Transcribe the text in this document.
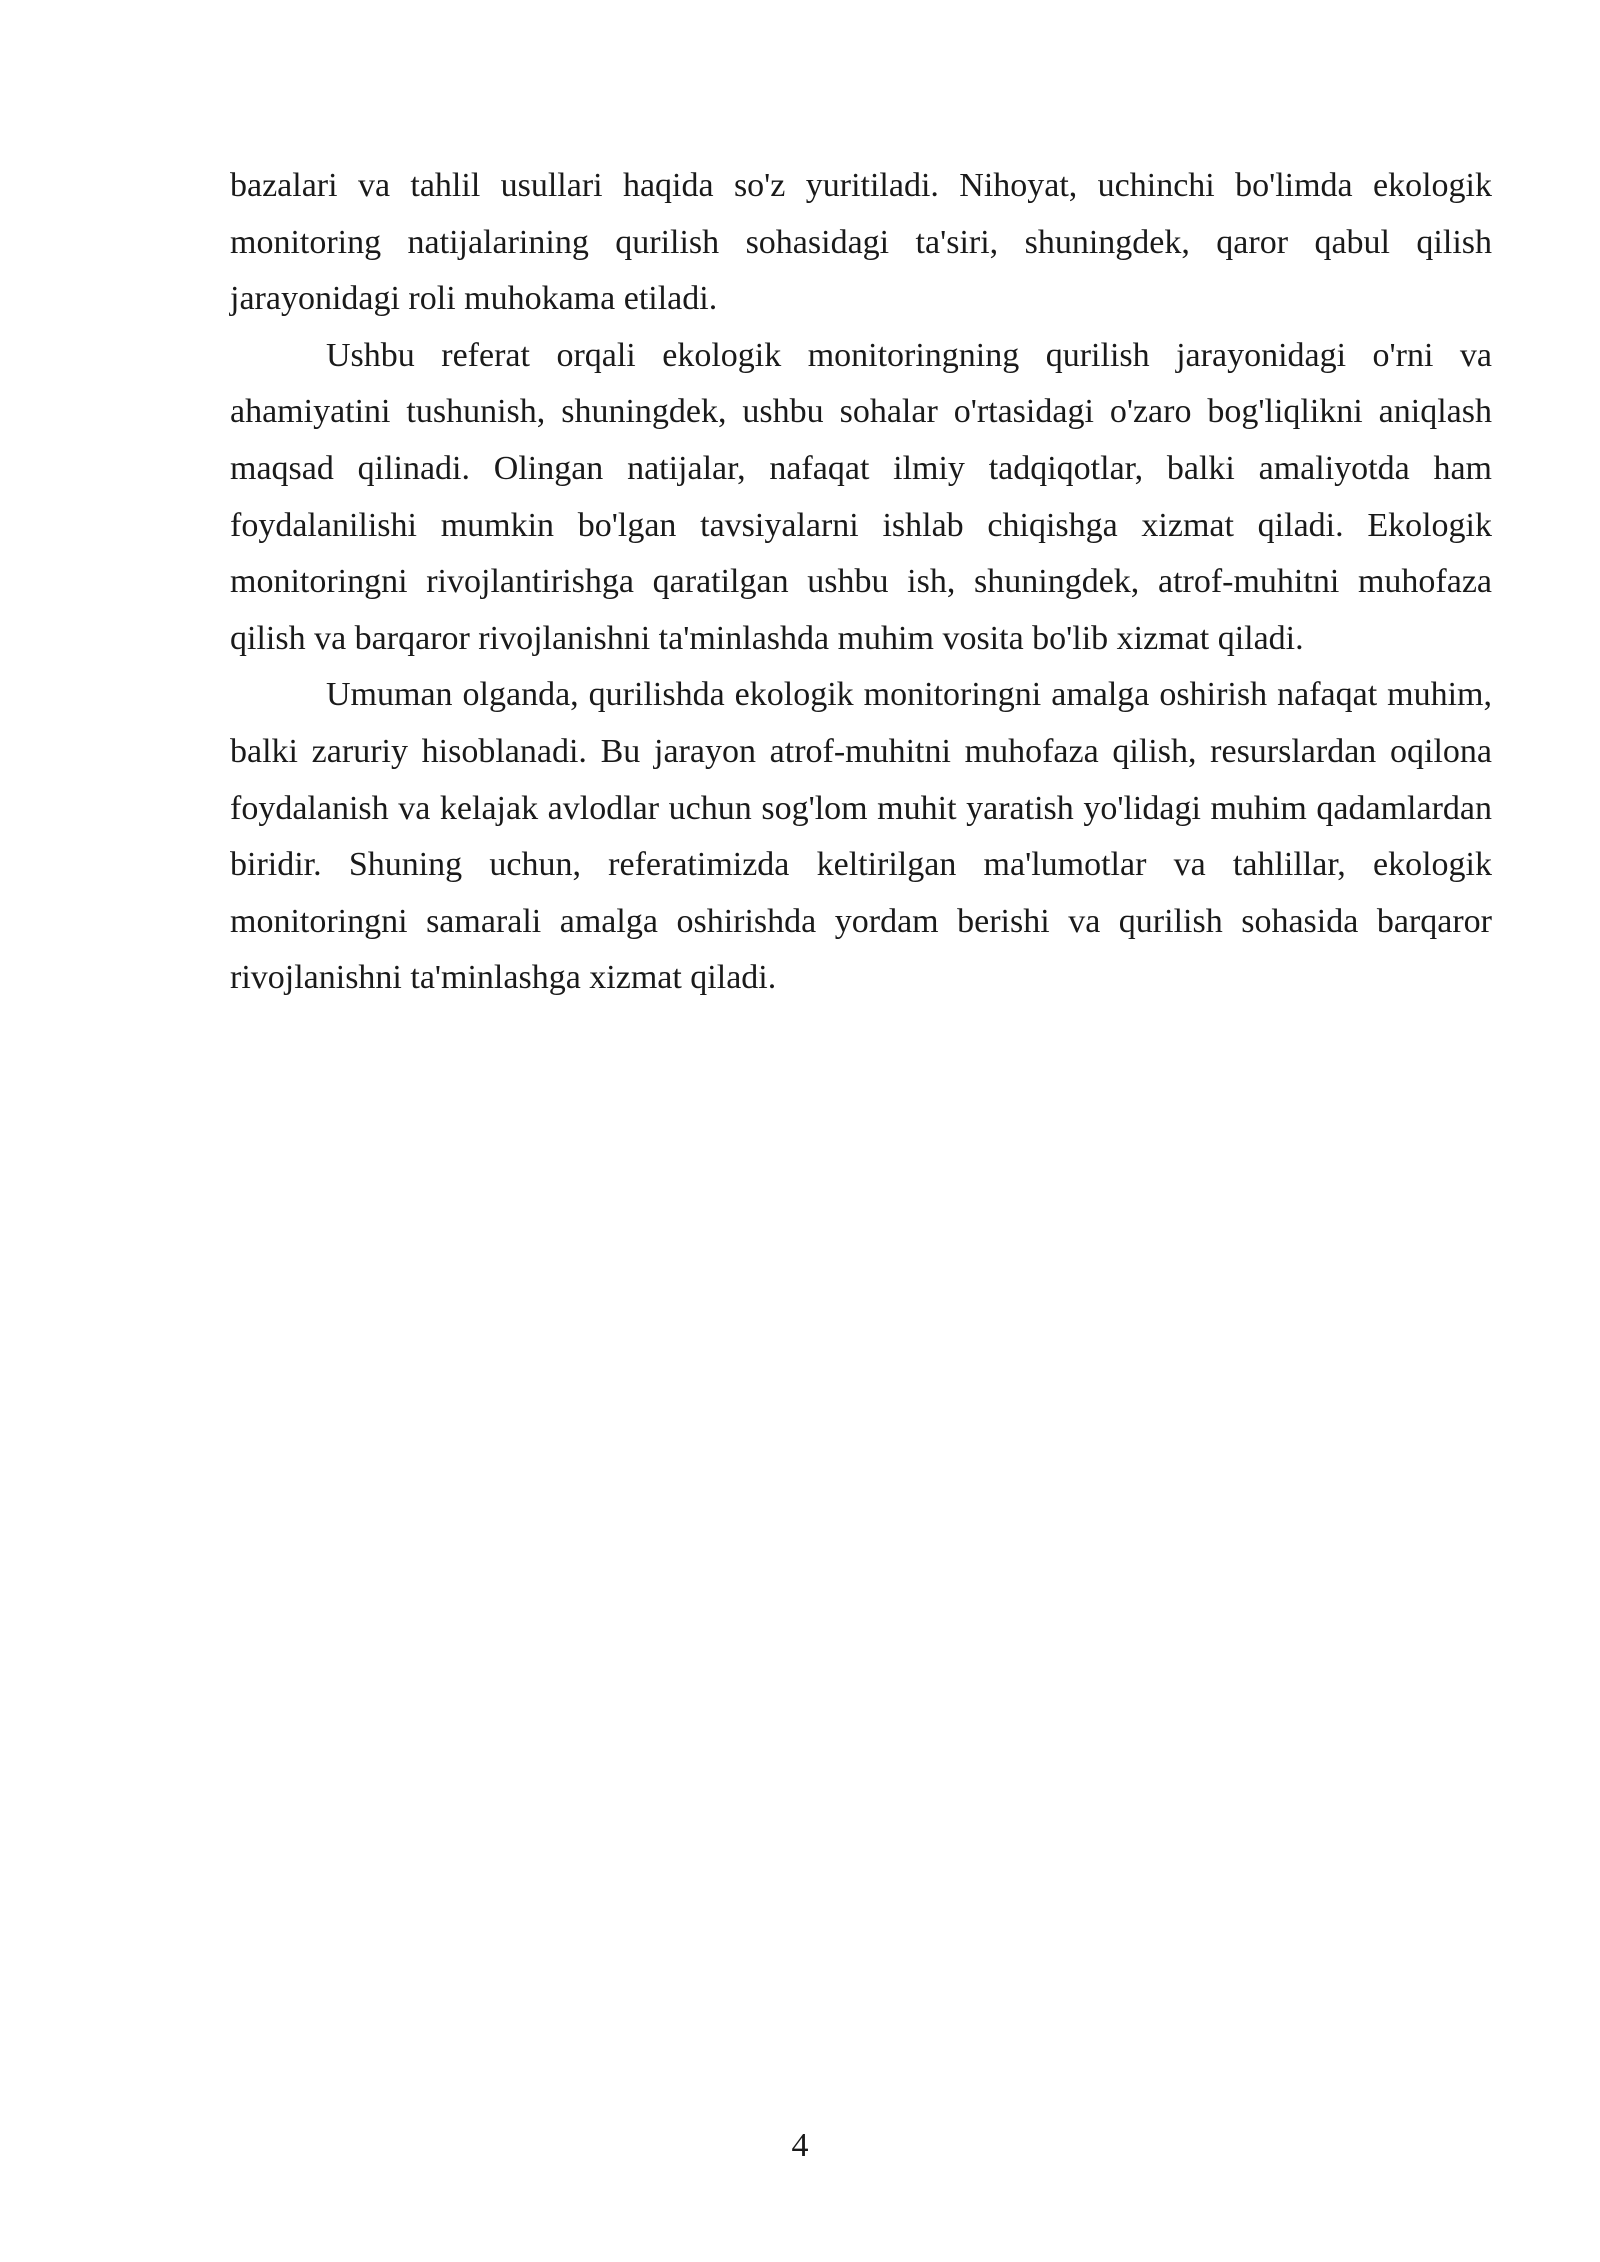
bazalari va tahlil usullari haqida so'z yuritiladi. Nihoyat, uchinchi bo'limda ekologik monitoring natijalarining qurilish sohasidagi ta'siri, shuningdek, qaror qabul qilish jarayonidagi roli muhokama etiladi.

Ushbu referat orqali ekologik monitoringning qurilish jarayonidagi o'rni va ahamiyatini tushunish, shuningdek, ushbu sohalar o'rtasidagi o'zaro bog'liqlikni aniqlash maqsad qilinadi. Olingan natijalar, nafaqat ilmiy tadqiqotlar, balki amaliyotda ham foydalanilishi mumkin bo'lgan tavsiyalarni ishlab chiqishga xizmat qiladi. Ekologik monitoringni rivojlantirishga qaratilgan ushbu ish, shuningdek, atrof-muhitni muhofaza qilish va barqaror rivojlanishni ta'minlashda muhim vosita bo'lib xizmat qiladi.

Umuman olganda, qurilishda ekologik monitoringni amalga oshirish nafaqat muhim, balki zaruriy hisoblanadi. Bu jarayon atrof-muhitni muhofaza qilish, resurslardan oqilona foydalanish va kelajak avlodlar uchun sog'lom muhit yaratish yo'lidagi muhim qadamlardan biridir. Shuning uchun, referatimizda keltirilgan ma'lumotlar va tahlillar, ekologik monitoringni samarali amalga oshirishda yordam berishi va qurilish sohasida barqaror rivojlanishni ta'minlashga xizmat qiladi.

4
